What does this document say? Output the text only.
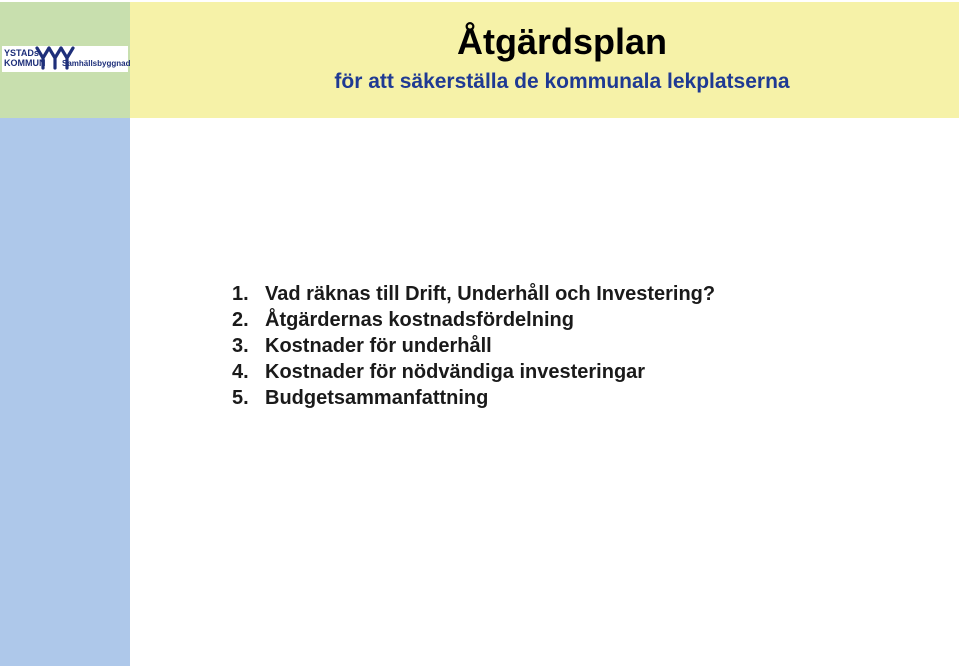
YSTADs
KOMMUN Samhällsbyggnad
Åtgärdsplan
för att säkerställa de kommunala lekplatserna
1. Vad räknas till Drift, Underhåll och Investering?
2. Åtgärdernas kostnadsfördelning
3. Kostnader för underhåll
4. Kostnader för nödvändiga investeringar
5. Budgetsammanfattning
